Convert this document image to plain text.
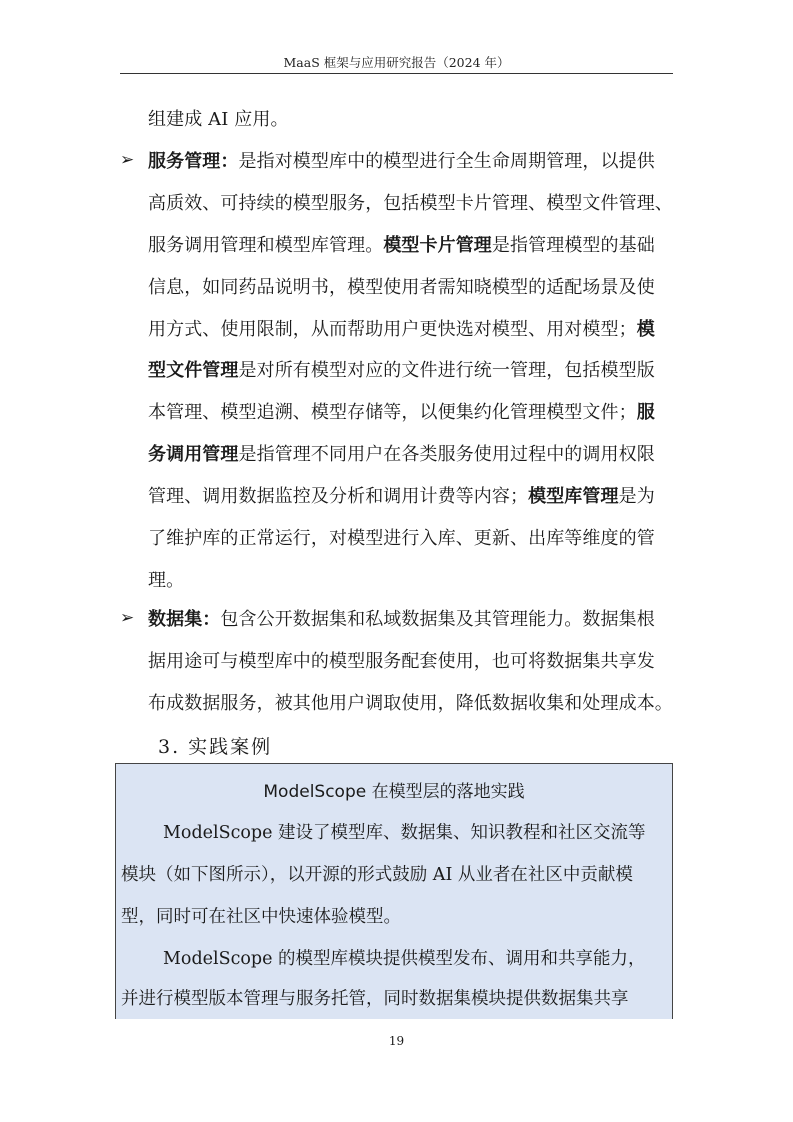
MaaS 框架与应用研究报告（2024 年）
组建成 AI 应用。
➢ 服务管理：是指对模型库中的模型进行全生命周期管理，以提供
高质效、可持续的模型服务，包括模型卡片管理、模型文件管理、
服务调用管理和模型库管理。模型卡片管理是指管理模型的基础
信息，如同药品说明书，模型使用者需知晓模型的适配场景及使
用方式、使用限制，从而帮助用户更快选对模型、用对模型；模
型文件管理是对所有模型对应的文件进行统一管理，包括模型版
本管理、模型追溯、模型存储等，以便集约化管理模型文件；服
务调用管理是指管理不同用户在各类服务使用过程中的调用权限
管理、调用数据监控及分析和调用计费等内容；模型库管理是为
了维护库的正常运行，对模型进行入库、更新、出库等维度的管
理。
➢ 数据集：包含公开数据集和私域数据集及其管理能力。数据集根
据用途可与模型库中的模型服务配套使用，也可将数据集共享发
布成数据服务，被其他用户调取使用，降低数据收集和处理成本。
3. 实践案例
ModelScope 在模型层的落地实践
ModelScope 建设了模型库、数据集、知识教程和社区交流等
模块（如下图所示），以开源的形式鼓励 AI 从业者在社区中贡献模
型，同时可在社区中快速体验模型。
ModelScope 的模型库模块提供模型发布、调用和共享能力，
并进行模型版本管理与服务托管，同时数据集模块提供数据集共享
19
